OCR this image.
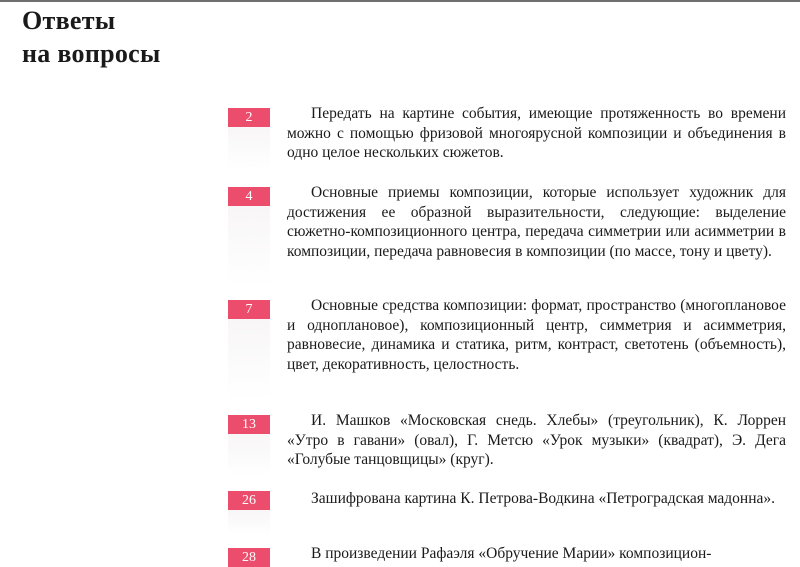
Ответы
на вопросы
2	Передать на картине события, имеющие протяженность во времени можно с помощью фризовой многоярусной композиции и объединения в одно целое нескольких сюжетов.

4	Основные приемы композиции, которые использует художник для достижения ее образной выразительности, следующие: выделение сюжетно-композиционного центра, передача симметрии или асимметрии в композиции, передача равновесия в композиции (по массе, тону и цвету).

7	Основные средства композиции: формат, пространство (многоплановое и одноплановое), композиционный центр, симметрия и асимметрия, равновесие, динамика и статика, ритм, контраст, светотень (объемность), цвет, декоративность, целостность.

13	И. Машков «Московская снедь. Хлебы» (треугольник), К. Лоррен «Утро в гавани» (овал), Г. Метсю «Урок музыки» (квадрат), Э. Дега «Голубые танцовщицы» (круг).

26	Зашифрована картина К. Петрова-Водкина «Петроградская мадонна».

28	В произведении Рафаэля «Обручение Марии» композицион-
